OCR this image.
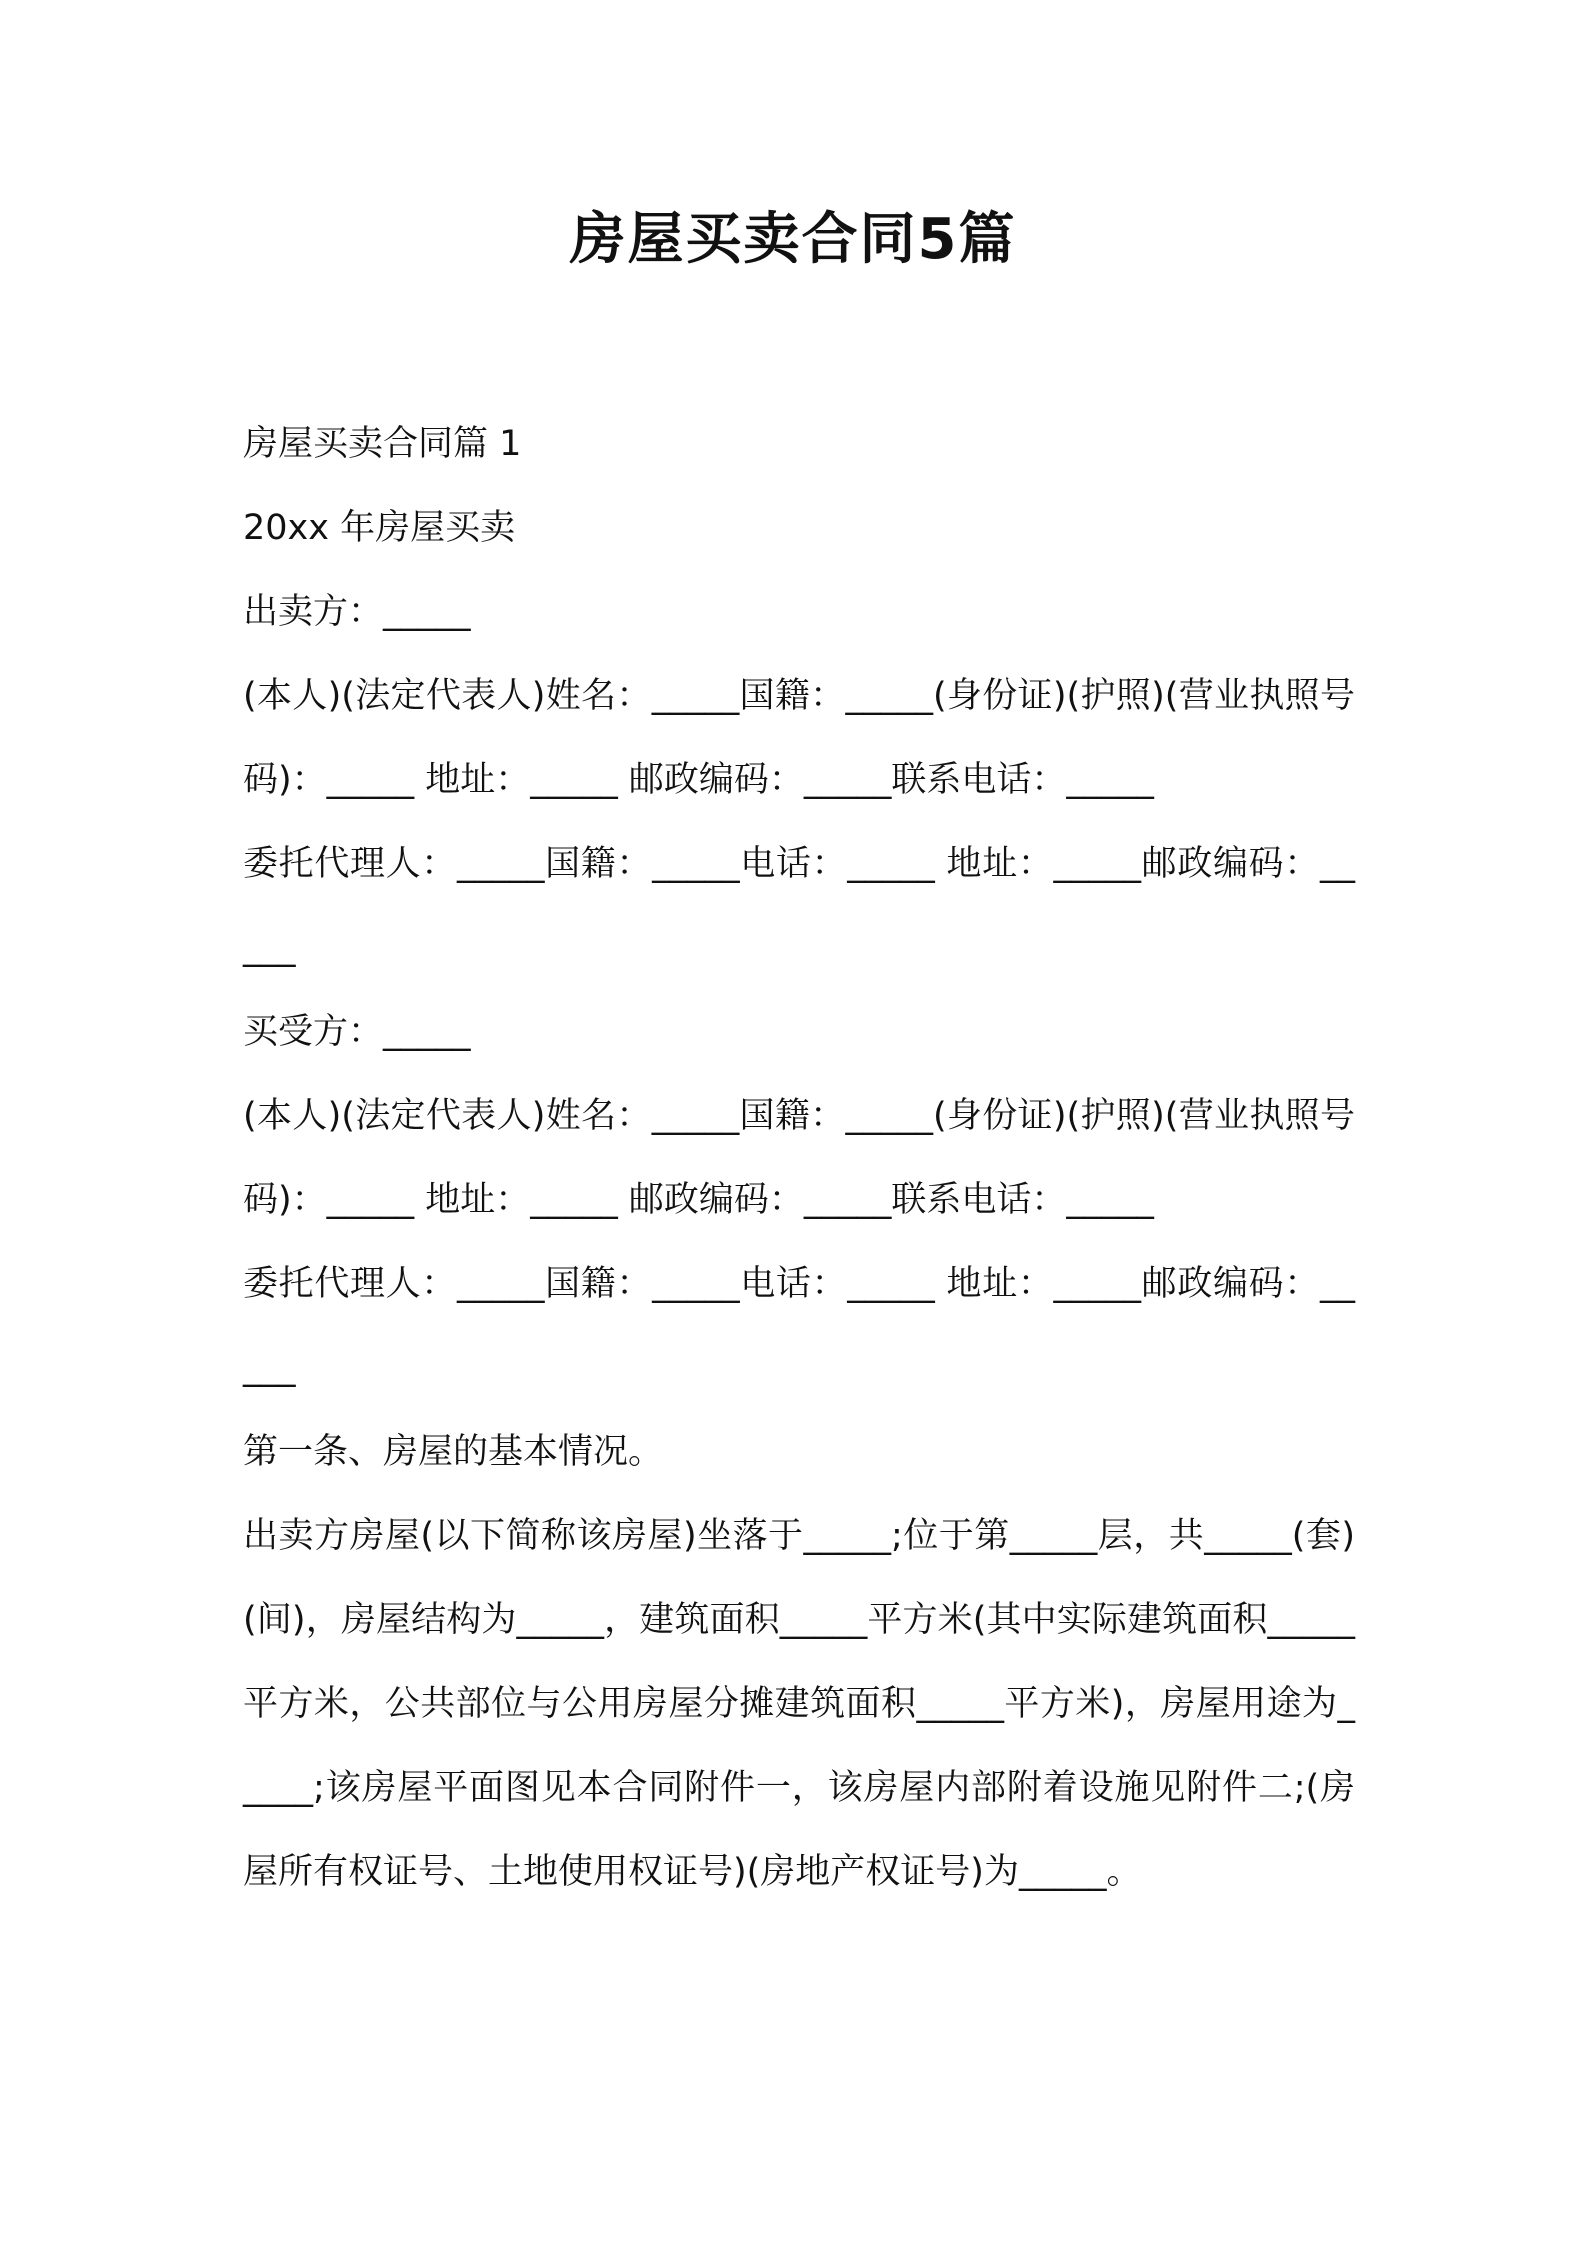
房屋买卖合同5篇

房屋买卖合同篇 1

20xx 年房屋买卖

出卖方：_____

(本人)(法定代表人)姓名：_____国籍：_____(身份证)(护照)(营业执照号码)：_____ 地址：_____ 邮政编码：_____联系电话：_____

委托代理人：_____国籍：_____电话：_____ 地址：_____邮政编码：_____

买受方：_____

(本人)(法定代表人)姓名：_____国籍：_____(身份证)(护照)(营业执照号码)：_____ 地址：_____ 邮政编码：_____联系电话：_____

委托代理人：_____国籍：_____电话：_____ 地址：_____邮政编码：_____

第一条、房屋的基本情况。

出卖方房屋(以下简称该房屋)坐落于_____;位于第_____层，共_____(套)(间)，房屋结构为_____，建筑面积_____平方米(其中实际建筑面积_____平方米，公共部位与公用房屋分摊建筑面积_____平方米)，房屋用途为_____;该房屋平面图见本合同附件一，该房屋内部附着设施见附件二;(房屋所有权证号、土地使用权证号)(房地产权证号)为_____。
